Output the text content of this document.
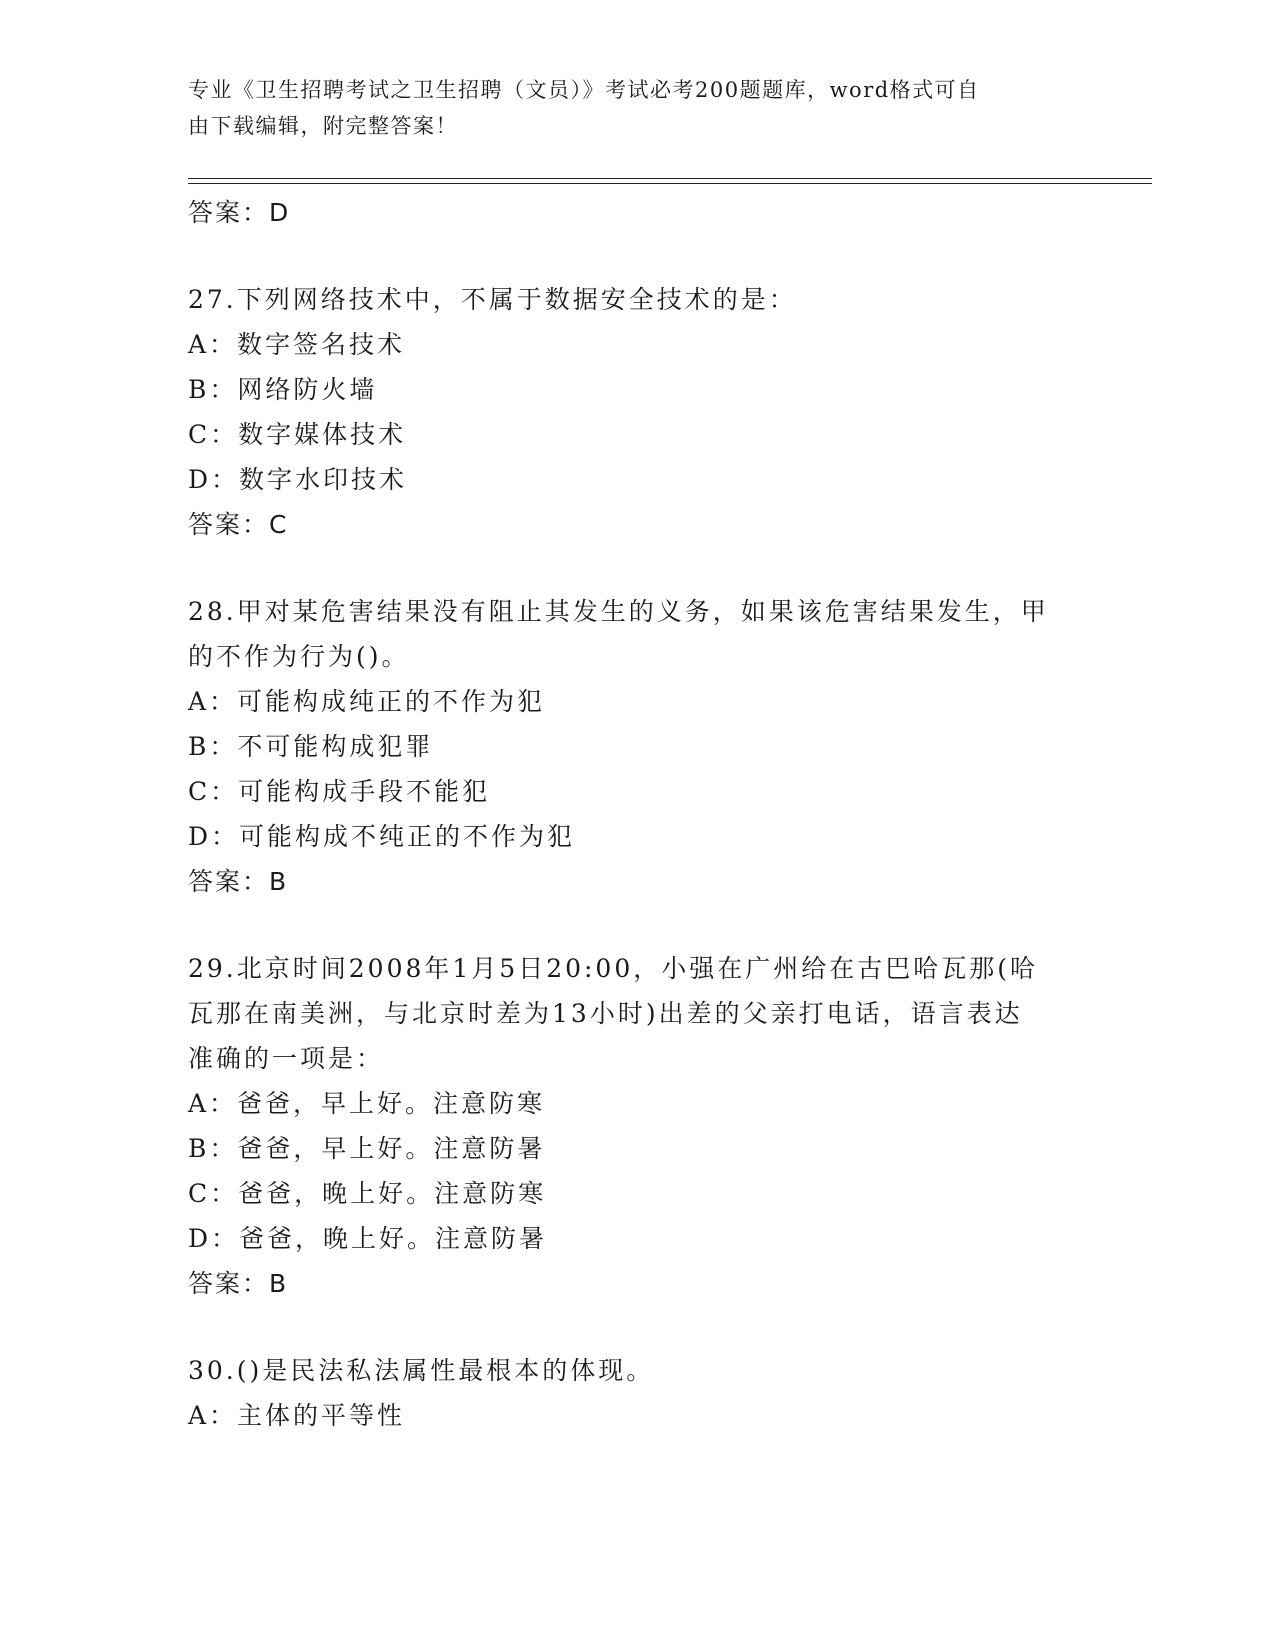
专业《卫生招聘考试之卫生招聘（文员）》考试必考200题题库，word格式可自
由下载编辑，附完整答案！
答案：D
27.下列网络技术中，不属于数据安全技术的是：
A：数字签名技术
B：网络防火墙
C：数字媒体技术
D：数字水印技术
答案：C
28.甲对某危害结果没有阻止其发生的义务，如果该危害结果发生，甲
的不作为行为()。
A：可能构成纯正的不作为犯
B：不可能构成犯罪
C：可能构成手段不能犯
D：可能构成不纯正的不作为犯
答案：B
29.北京时间2008年1月5日20:00，小强在广州给在古巴哈瓦那(哈
瓦那在南美洲，与北京时差为13小时)出差的父亲打电话，语言表达
准确的一项是：
A：爸爸，早上好。注意防寒
B：爸爸，早上好。注意防暑
C：爸爸，晚上好。注意防寒
D：爸爸，晚上好。注意防暑
答案：B
30.()是民法私法属性最根本的体现。
A：主体的平等性
